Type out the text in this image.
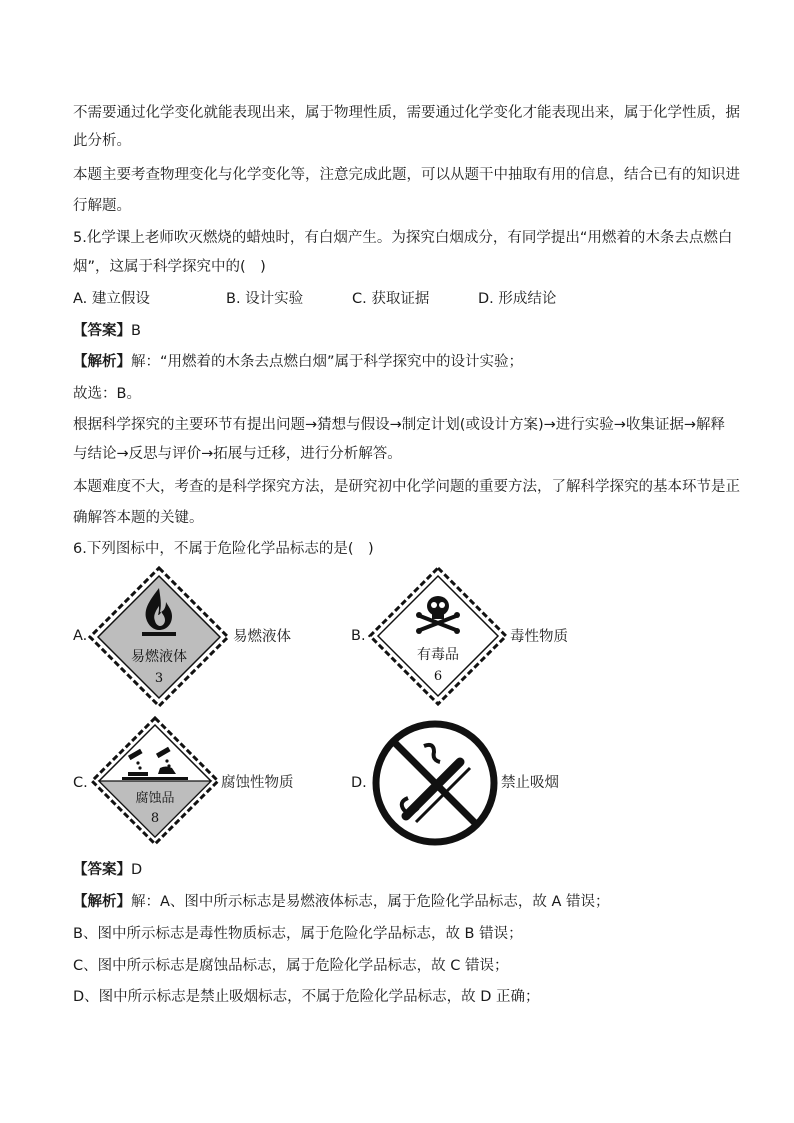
不需要通过化学变化就能表现出来，属于物理性质，需要通过化学变化才能表现出来，属于化学性质，据
此分析。
本题主要考查物理变化与化学变化等，注意完成此题，可以从题干中抽取有用的信息，结合已有的知识进
行解题。
5.化学课上老师吹灭燃烧的蜡烛时，有白烟产生。为探究白烟成分，有同学提出“用燃着的木条去点燃白
烟”，这属于科学探究中的(　)
A. 建立假设	B. 设计实验	C. 获取证据	D. 形成结论
【答案】B
【解析】解：“用燃着的木条去点燃白烟”属于科学探究中的设计实验；
故选：B。
根据科学探究的主要环节有提出问题→猜想与假设→制定计划(或设计方案)→进行实验→收集证据→解释
与结论→反思与评价→拓展与迁移，进行分析解答。
本题难度不大，考查的是科学探究方法，是研究初中化学问题的重要方法，了解科学探究的基本环节是正
确解答本题的关键。
6.下列图标中，不属于危险化学品标志的是(　)
A.
易燃液体
3
易燃液体	B.
有毒品
6
毒性物质
C.
腐蚀品
8
腐蚀性物质	D.	禁止吸烟
【答案】D
【解析】解：A、图中所示标志是易燃液体标志，属于危险化学品标志，故 A 错误；
B、图中所示标志是毒性物质标志，属于危险化学品标志，故 B 错误；
C、图中所示标志是腐蚀品标志，属于危险化学品标志，故 C 错误；
D、图中所示标志是禁止吸烟标志，不属于危险化学品标志，故 D 正确；
